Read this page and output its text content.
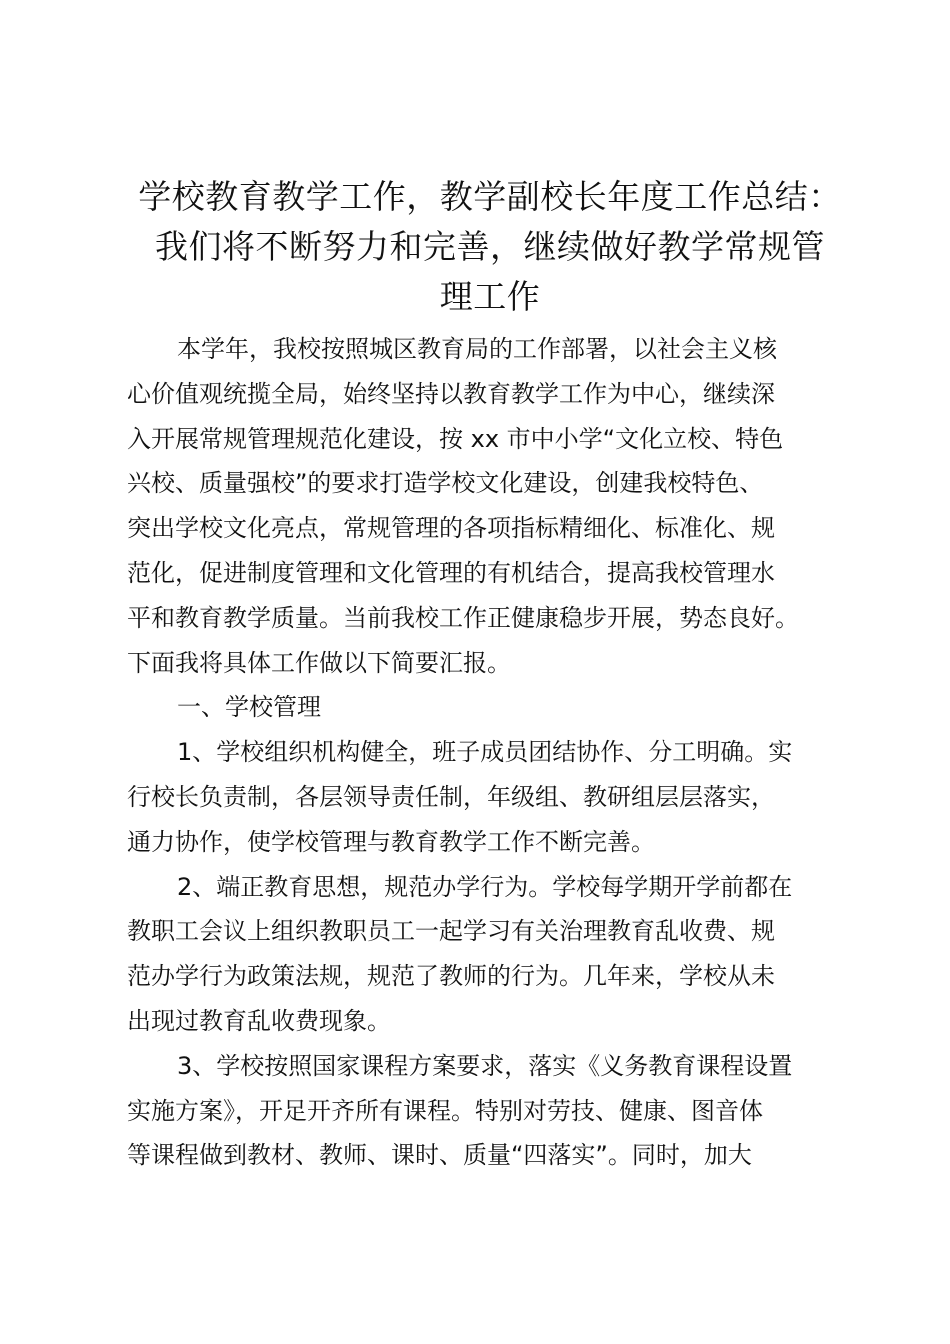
学校教育教学工作，教学副校长年度工作总结：
我们将不断努力和完善，继续做好教学常规管
理工作

本学年，我校按照城区教育局的工作部署，以社会主义核
心价值观统揽全局，始终坚持以教育教学工作为中心，继续深
入开展常规管理规范化建设，按 xx 市中小学“文化立校、特色
兴校、质量强校”的要求打造学校文化建设，创建我校特色、
突出学校文化亮点，常规管理的各项指标精细化、标准化、规
范化，促进制度管理和文化管理的有机结合，提高我校管理水
平和教育教学质量。当前我校工作正健康稳步开展，势态良好。
下面我将具体工作做以下简要汇报。

一、学校管理

1、学校组织机构健全，班子成员团结协作、分工明确。实
行校长负责制，各层领导责任制，年级组、教研组层层落实，
通力协作，使学校管理与教育教学工作不断完善。

2、端正教育思想，规范办学行为。学校每学期开学前都在
教职工会议上组织教职员工一起学习有关治理教育乱收费、规
范办学行为政策法规，规范了教师的行为。几年来，学校从未
出现过教育乱收费现象。

3、学校按照国家课程方案要求，落实《义务教育课程设置
实施方案》，开足开齐所有课程。特别对劳技、健康、图音体
等课程做到教材、教师、课时、质量“四落实”。同时，加大
